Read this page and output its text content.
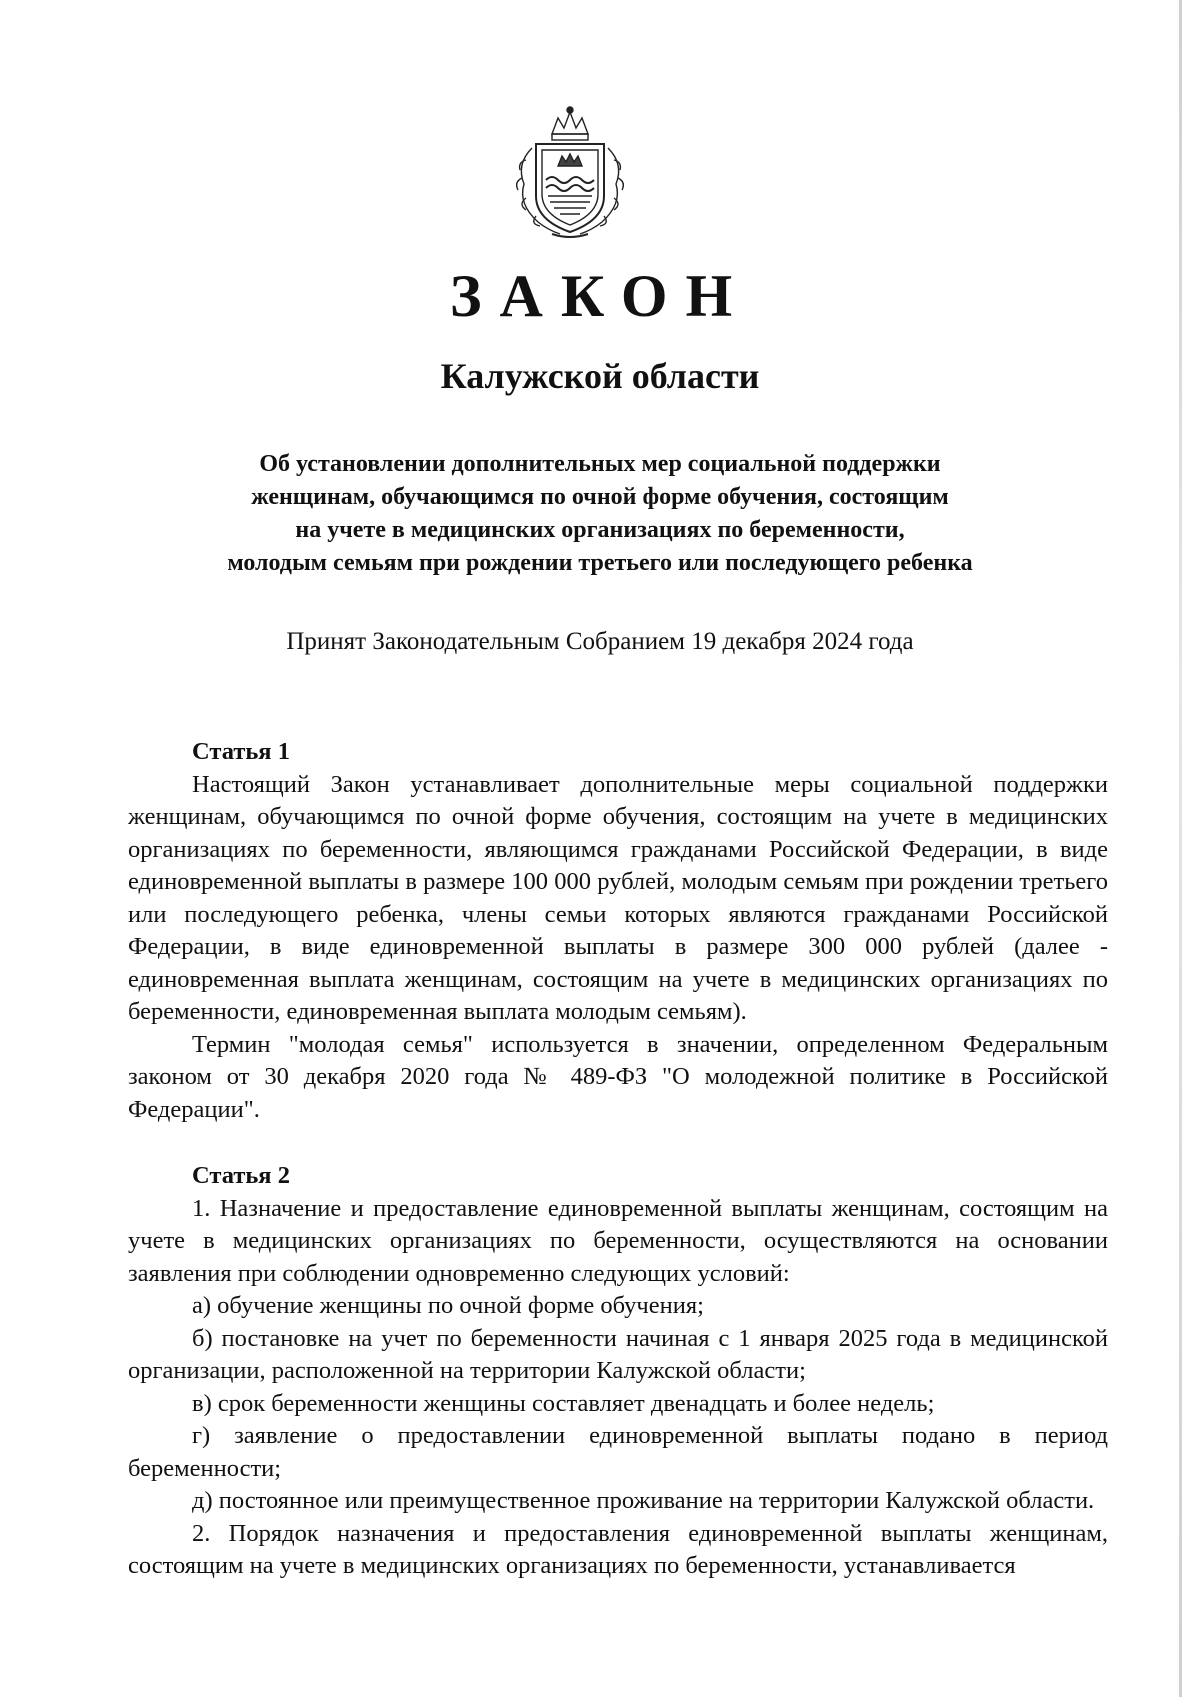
ЗАКОН
Калужской области
Об установлении дополнительных мер социальной поддержки
женщинам, обучающимся по очной форме обучения, состоящим
на учете в медицинских организациях по беременности,
молодым семьям при рождении третьего или последующего ребенка

Принят Законодательным Собранием 19 декабря 2024 года

Статья 1

Настоящий Закон устанавливает дополнительные меры социальной поддержки женщинам, обучающимся по очной форме обучения, состоящим на учете в медицинских организациях по беременности, являющимся гражданами Российской Федерации, в виде единовременной выплаты в размере 100 000 рублей, молодым семьям при рождении третьего или последующего ребенка, члены семьи которых являются гражданами Российской Федерации, в виде единовременной выплаты в размере 300 000 рублей (далее - единовременная выплата женщинам, состоящим на учете в медицинских организациях по беременности, единовременная выплата молодым семьям).

Термин "молодая семья" используется в значении, определенном Федеральным законом от 30 декабря 2020 года № 489-ФЗ "О молодежной политике в Российской Федерации".

Статья 2

1. Назначение и предоставление единовременной выплаты женщинам, состоящим на учете в медицинских организациях по беременности, осуществляются на основании заявления при соблюдении одновременно следующих условий:

а) обучение женщины по очной форме обучения;

б) постановке на учет по беременности начиная с 1 января 2025 года в медицинской организации, расположенной на территории Калужской области;

в) срок беременности женщины составляет двенадцать и более недель;

г) заявление о предоставлении единовременной выплаты подано в период беременности;

д) постоянное или преимущественное проживание на территории Калужской области.

2. Порядок назначения и предоставления единовременной выплаты женщинам, состоящим на учете в медицинских организациях по беременности, устанавливается
